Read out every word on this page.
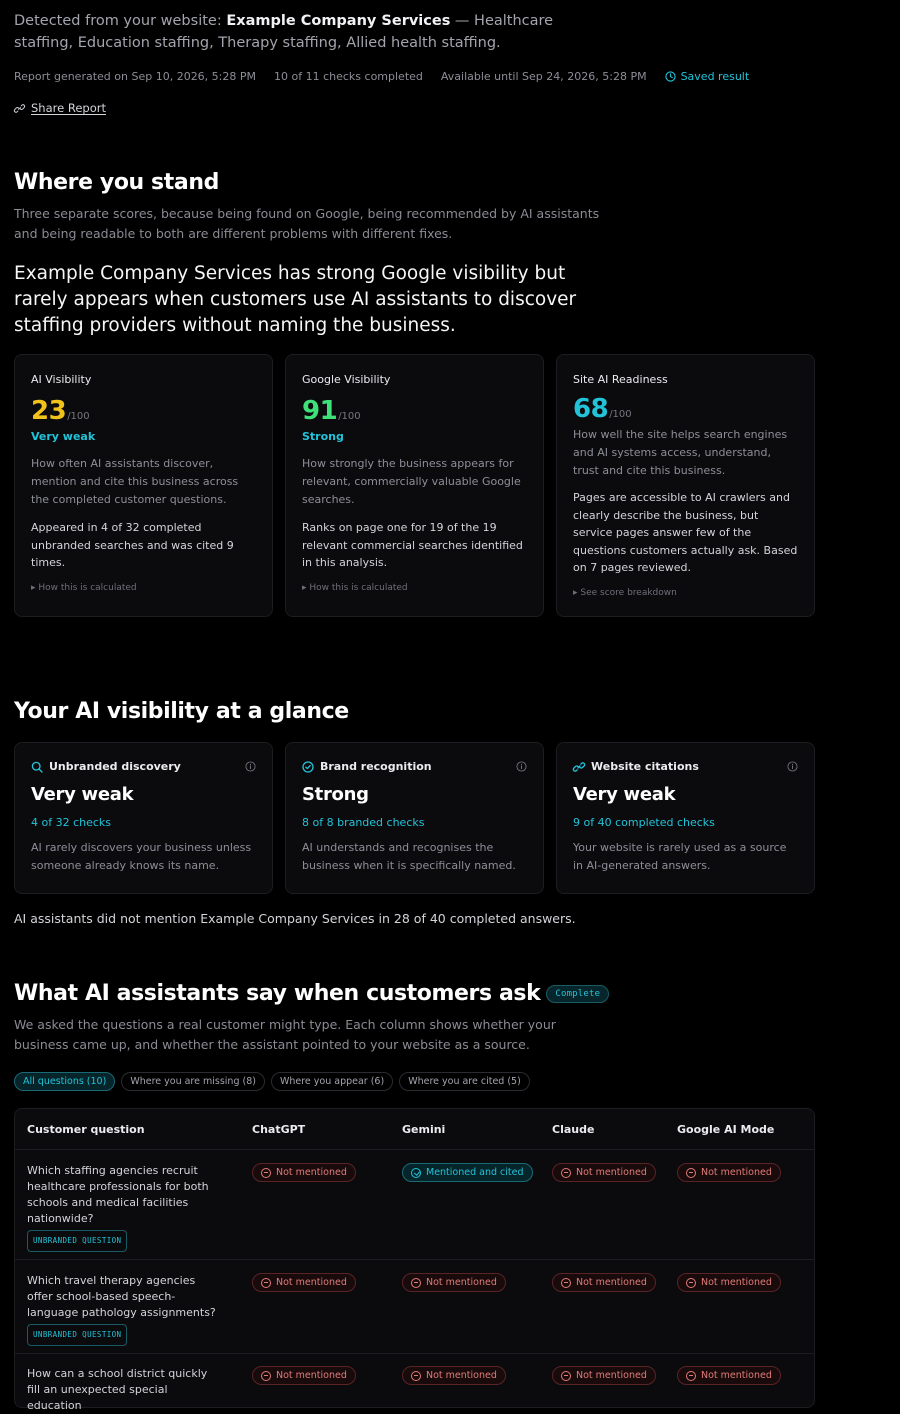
Detected from your website: Example Company Services — Healthcare staffing, Education staffing, Therapy staffing, Allied health staffing.
Report generated on Sep 10, 2026, 5:28 PM 10 of 11 checks completed Available until Sep 24, 2026, 5:28 PM	Saved result
Share Report
Where you stand
Three separate scores, because being found on Google, being recommended by AI assistants and being readable to both are different problems with different fixes.
Example Company Services has strong Google visibility but rarely appears when customers use AI assistants to discover staffing providers without naming the business.
AI Visibility
23 /100
Very weak
How often AI assistants discover, mention and cite this business across the completed customer questions.
Appeared in 4 of 32 completed unbranded searches and was cited 9 times.
▸ How this is calculated
Google Visibility
91 /100
Strong
How strongly the business appears for relevant, commercially valuable Google searches.
Ranks on page one for 19 of the 19 relevant commercial searches identified in this analysis.
▸ How this is calculated
Site AI Readiness
68 /100
How well the site helps search engines and AI systems access, understand, trust and cite this business.
Pages are accessible to AI crawlers and clearly describe the business, but service pages answer few of the questions customers actually ask. Based on 7 pages reviewed.
▸ See score breakdown
Your AI visibility at a glance
Unbranded discovery
Very weak
4 of 32 checks
AI rarely discovers your business unless someone already knows its name.
Brand recognition
Strong
8 of 8 branded checks
AI understands and recognises the business when it is specifically named.
Website citations
Very weak
9 of 40 completed checks
Your website is rarely used as a source in AI-generated answers.
AI assistants did not mention Example Company Services in 28 of 40 completed answers.
What AI assistants say when customers ask	Complete
We asked the questions a real customer might type. Each column shows whether your business came up, and whether the assistant pointed to your website as a source.
All questions (10)	Where you are missing (8)	Where you appear (6)	Where you are cited (5)
Customer question	ChatGPT	Gemini	Claude	Google AI Mode
Which staffing agencies recruit healthcare professionals for both schools and medical facilities nationwide?
UNBRANDED QUESTION
Not mentioned	Mentioned and cited	Not mentioned	Not mentioned
Which travel therapy agencies offer school-based speech-language pathology assignments?
UNBRANDED QUESTION
Not mentioned	Not mentioned	Not mentioned	Not mentioned
How can a school district quickly fill an unexpected special education
Not mentioned	Not mentioned	Not mentioned	Not mentioned
